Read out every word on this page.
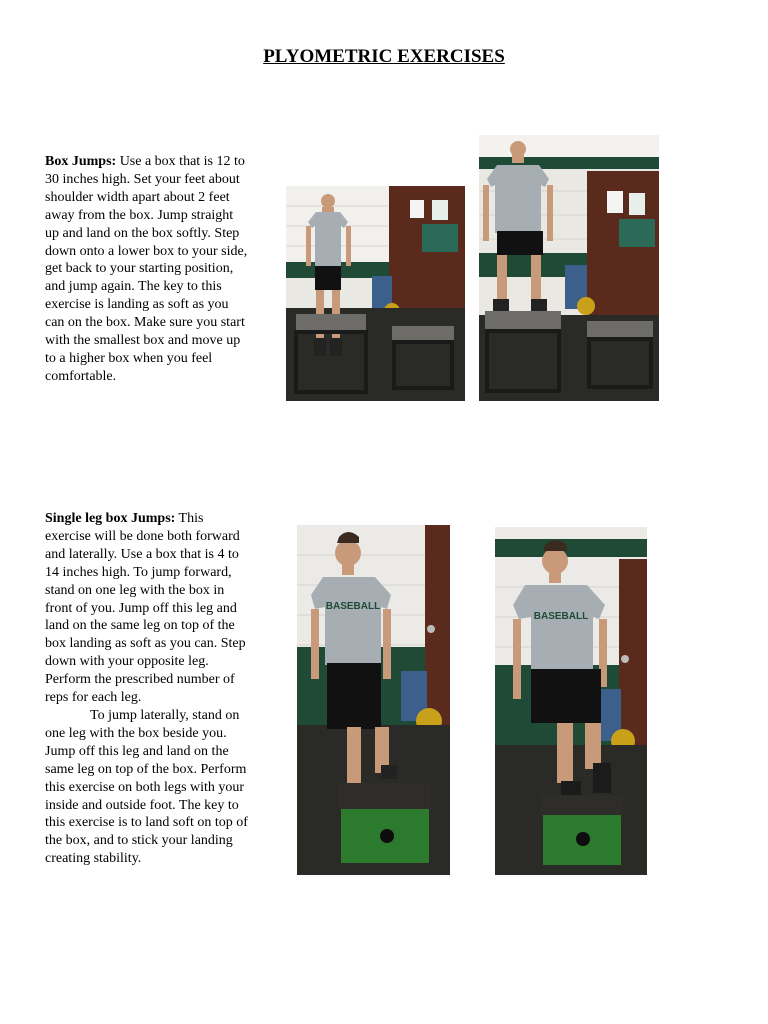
PLYOMETRIC EXERCISES

Box Jumps: Use a box that is 12 to 30 inches high. Set your feet about shoulder width apart about 2 feet away from the box. Jump straight up and land on the box softly. Step down onto a lower box to your side, get back to your starting position, and jump again. The key to this exercise is landing as soft as you can on the box. Make sure you start with the smallest box and move up to a higher box when you feel comfortable.

Single leg box Jumps: This exercise will be done both forward and laterally. Use a box that is 4 to 14 inches high. To jump forward, stand on one leg with the box in front of you. Jump off this leg and land on the same leg on top of the box landing as soft as you can. Step down with your opposite leg. Perform the prescribed number of reps for each leg.

To jump laterally, stand on one leg with the box beside you. Jump off this leg and land on the same leg on top of the box. Perform this exercise on both legs with your inside and outside foot. The key to this exercise is to land soft on top of the box, and to stick your landing creating stability.

BASEBALL
BASEBALL
